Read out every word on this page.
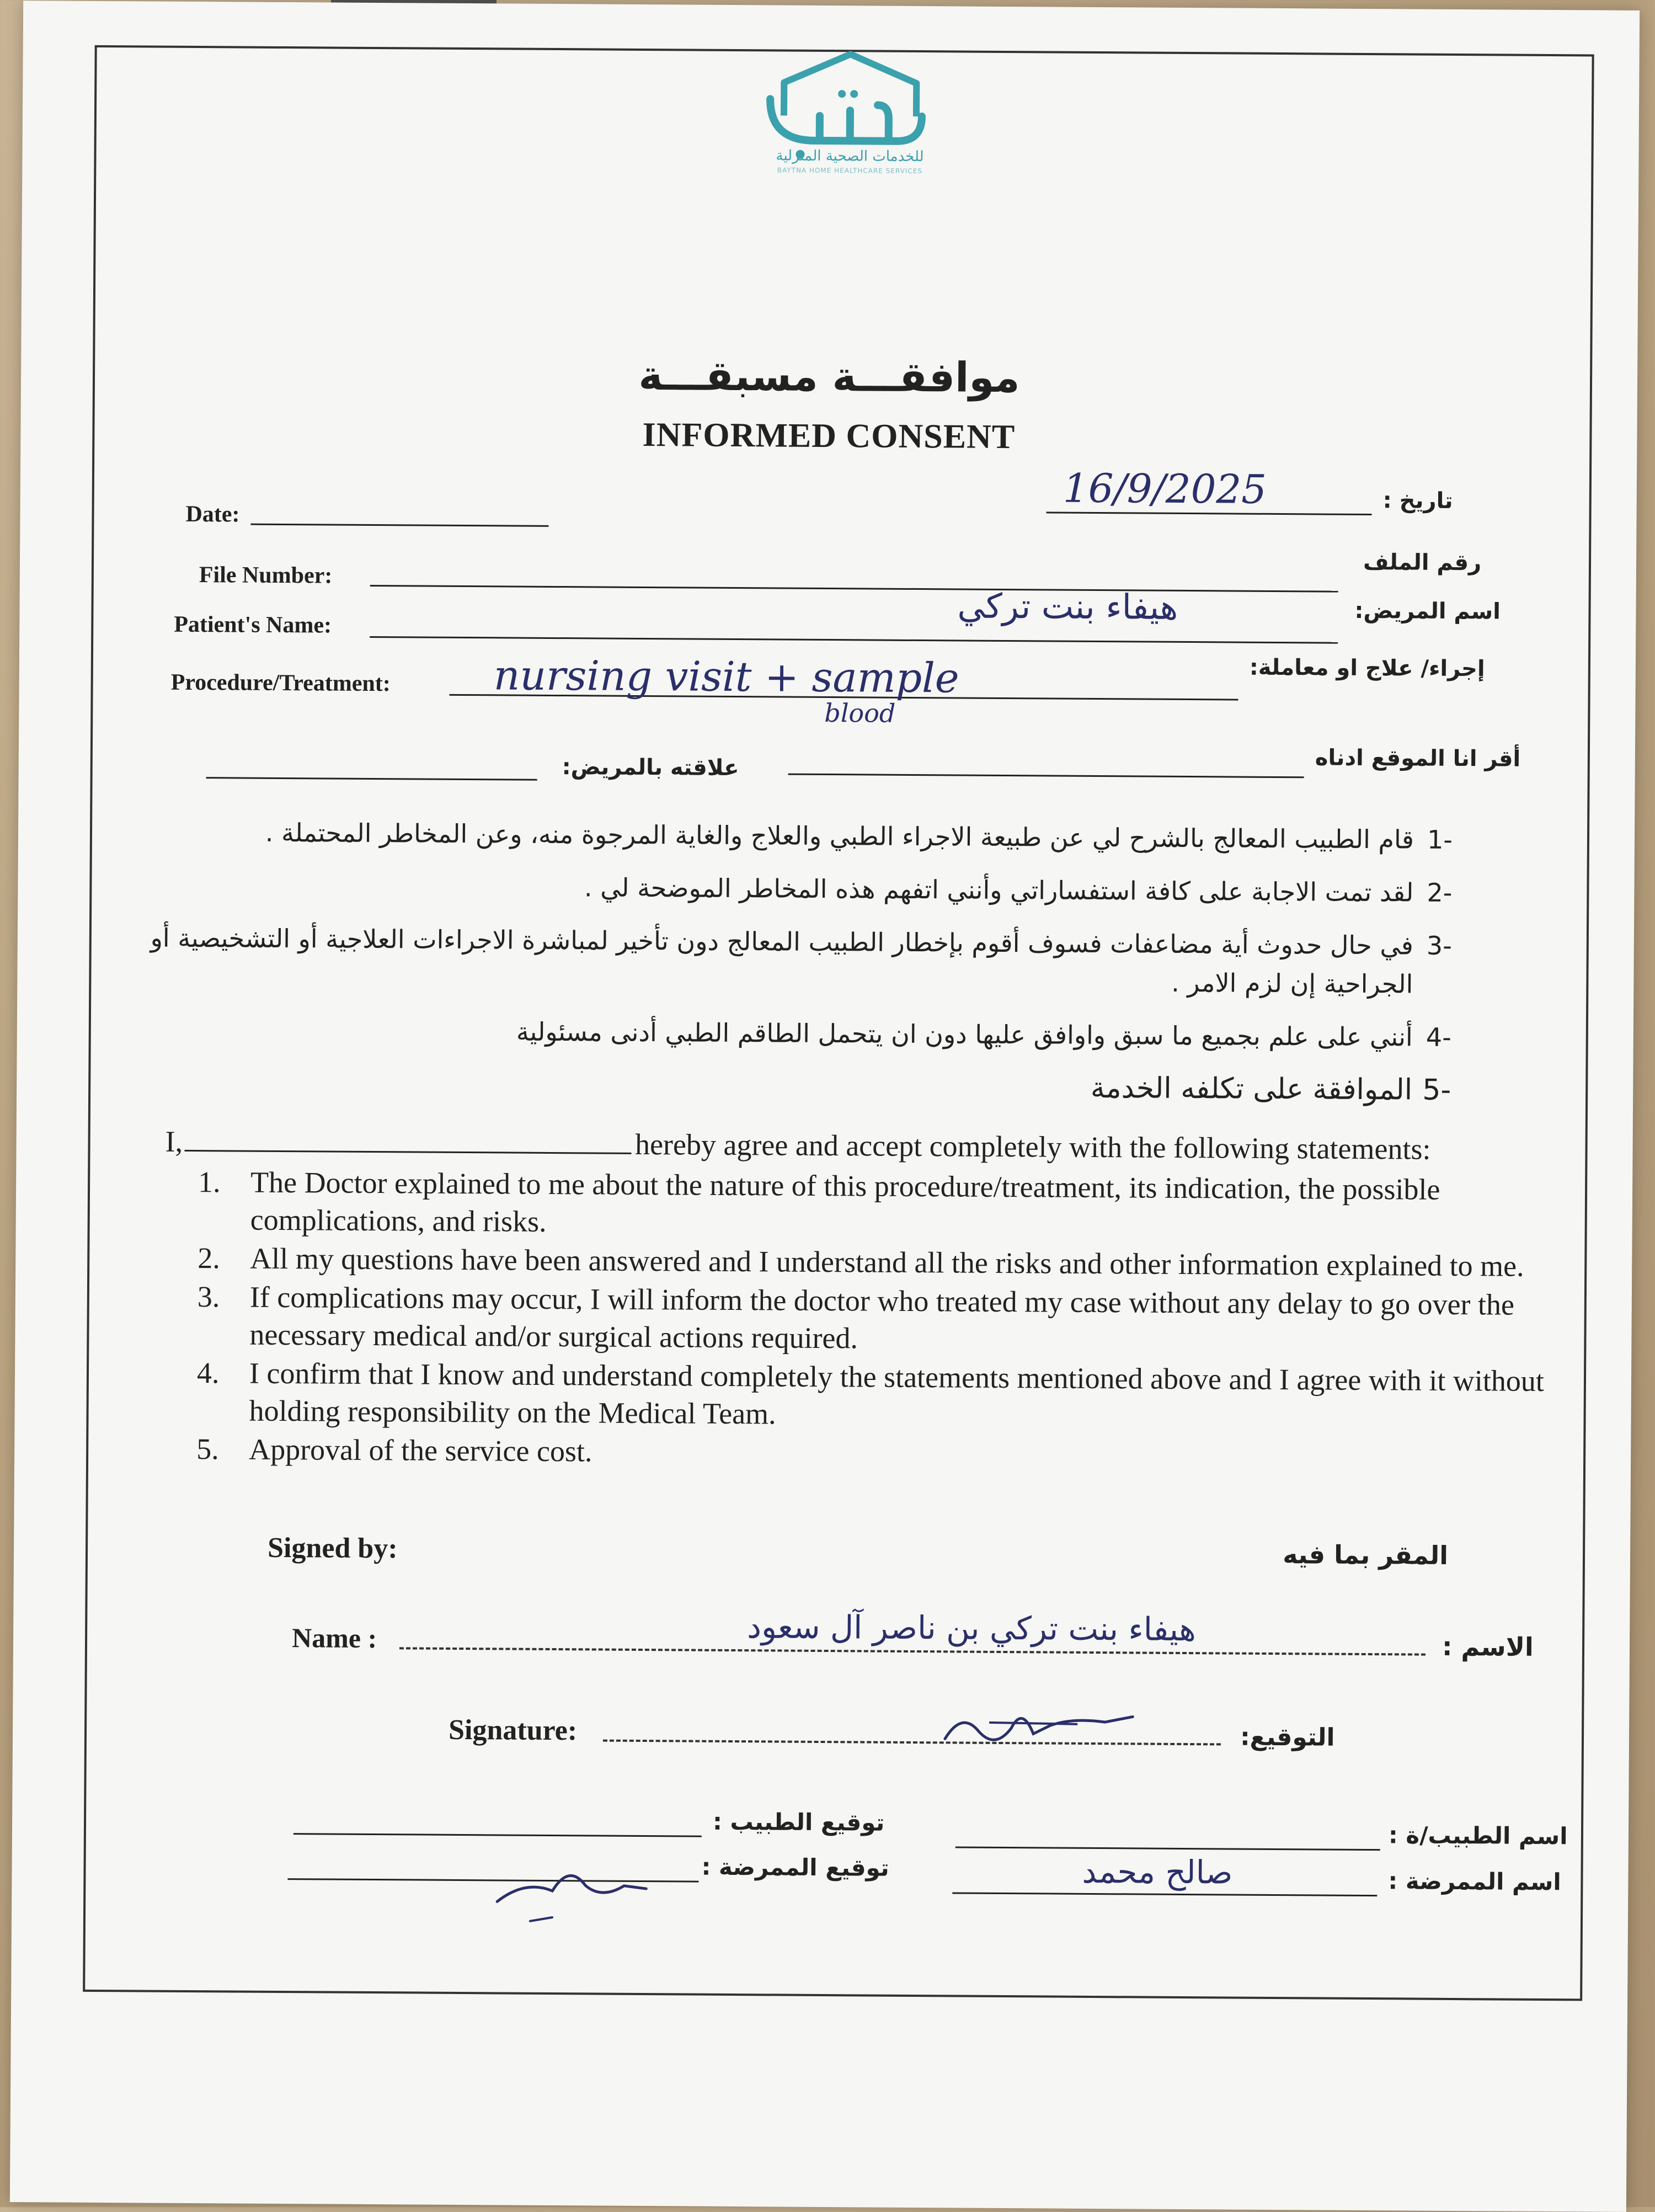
للخدمات الصحية المنزلية
BAYTNA HOME HEALTHCARE SERVICES
موافقـــة مسبقـــة
INFORMED CONSENT
Date:
16/9/2025	تاريخ :
File Number:	رقم الملف
Patient's Name:	هيفاء بنت تركي	اسم المريض:
Procedure/Treatment:	nursing visit + sample
blood
إجراء/ علاج او معاملة:
علاقته بالمريض:	أقر انا الموقع ادناه
-1
قام الطبيب المعالج بالشرح لي عن طبيعة الاجراء الطبي والعلاج والغاية المرجوة منه، وعن المخاطر المحتملة .
-2
لقد تمت الاجابة على كافة استفساراتي وأنني اتفهم هذه المخاطر الموضحة لي .
-3
في حال حدوث أية مضاعفات فسوف أقوم بإخطار الطبيب المعالج دون تأخير لمباشرة الاجراءات العلاجية أو التشخيصية أو الجراحية إن لزم الامر .
-4
أنني على علم بجميع ما سبق واوافق عليها دون ان يتحمل الطاقم الطبي أدنى مسئولية
-5
الموافقة على تكلفه الخدمة
I,	hereby agree and accept completely with the following statements:
1.	The Doctor explained to me about the nature of this procedure/treatment, its indication, the possible complications, and risks.
2.	All my questions have been answered and I understand all the risks and other information explained to me.
3.	If complications may occur, I will inform the doctor who treated my case without any delay to go over the necessary medical and/or surgical actions required.
4.	I confirm that I know and understand completely the statements mentioned above and I agree with it without holding responsibility on the Medical Team.
5.	Approval of the service cost.
Signed by:	المقر بما فيه
Name :	هيفاء بنت تركي بن ناصر آل سعود	الاسم :
Signature:	التوقيع:
توقيع الطبيب :	اسم الطبيب/ة :
توقيع الممرضة :	صالح محمد	اسم الممرضة :
